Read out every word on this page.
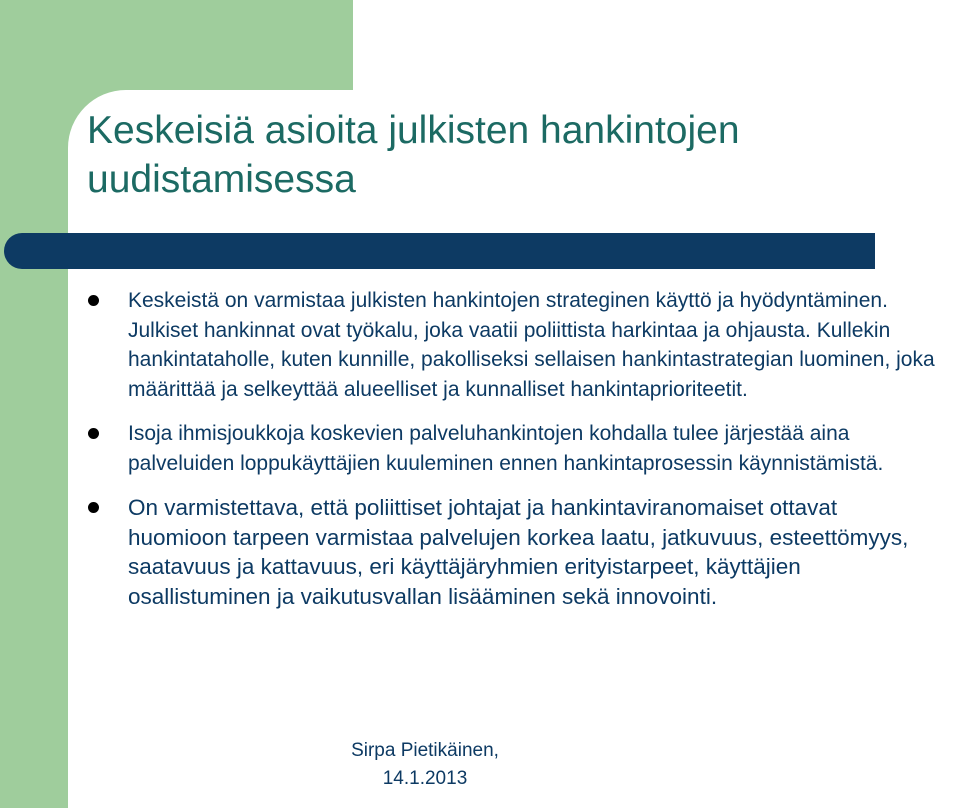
Keskeisiä asioita julkisten hankintojen uudistamisessa
Keskeistä on varmistaa julkisten hankintojen strateginen käyttö ja hyödyntäminen. Julkiset hankinnat ovat työkalu, joka vaatii poliittista harkintaa ja ohjausta. Kullekin hankintataholle, kuten kunnille, pakolliseksi sellaisen hankintastrategian luominen, joka määrittää ja selkeyttää alueelliset ja kunnalliset hankintaprioriteetit.
Isoja ihmisjoukkoja koskevien palveluhankintojen kohdalla tulee järjestää aina palveluiden loppukäyttäjien kuuleminen ennen hankintaprosessin käynnistämistä.
On varmistettava, että poliittiset johtajat ja hankintaviranomaiset ottavat huomioon tarpeen varmistaa palvelujen korkea laatu, jatkuvuus, esteettömyys, saatavuus ja kattavuus, eri käyttäjäryhmien erityistarpeet, käyttäjien osallistuminen ja vaikutusvallan lisääminen sekä innovointi.
Sirpa Pietikäinen,
14.1.2013
